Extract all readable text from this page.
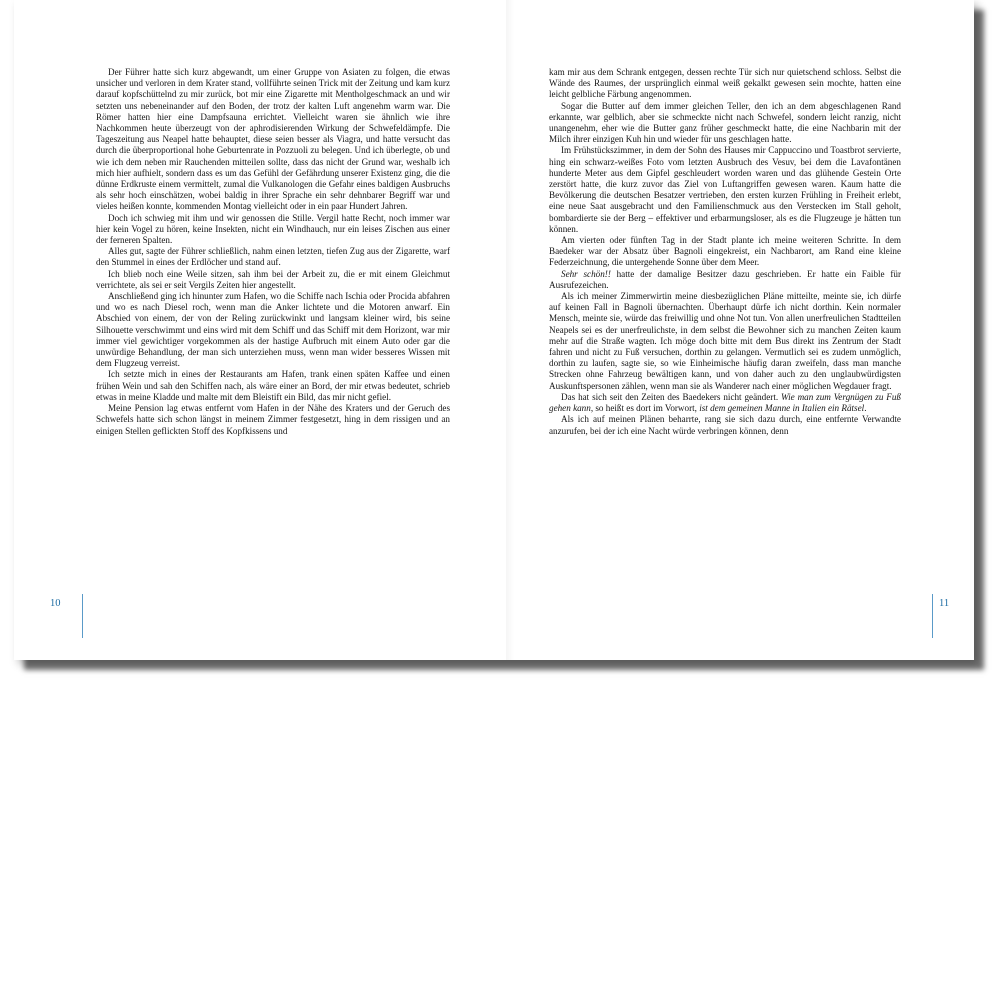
Der Führer hatte sich kurz abgewandt, um einer Gruppe von Asiaten zu folgen, die etwas unsicher und verloren in dem Krater stand, vollführte seinen Trick mit der Zeitung und kam kurz darauf kopfschüttelnd zu mir zurück, bot mir eine Zigarette mit Mentholgeschmack an und wir setzten uns nebeneinander auf den Boden, der trotz der kalten Luft angenehm warm war. Die Römer hatten hier eine Dampfsauna errichtet. Vielleicht waren sie ähnlich wie ihre Nachkommen heute überzeugt von der aphrodisierenden Wirkung der Schwefeldämpfe. Die Tageszeitung aus Neapel hatte behauptet, diese seien besser als Viagra, und hatte versucht das durch die überproportional hohe Geburtenrate in Pozzuoli zu belegen. Und ich überlegte, ob und wie ich dem neben mir Rauchenden mitteilen sollte, dass das nicht der Grund war, weshalb ich mich hier aufhielt, sondern dass es um das Gefühl der Gefährdung unserer Existenz ging, die die dünne Erdkruste einem vermittelt, zumal die Vulkanologen die Gefahr eines baldigen Ausbruchs als sehr hoch einschätzen, wobei baldig in ihrer Sprache ein sehr dehnbarer Begriff war und vieles heißen konnte, kommenden Montag vielleicht oder in ein paar Hundert Jahren.

Doch ich schwieg mit ihm und wir genossen die Stille. Vergil hatte Recht, noch immer war hier kein Vogel zu hören, keine Insekten, nicht ein Windhauch, nur ein leises Zischen aus einer der ferneren Spalten.

Alles gut, sagte der Führer schließlich, nahm einen letzten, tiefen Zug aus der Zigarette, warf den Stummel in eines der Erdlöcher und stand auf.

Ich blieb noch eine Weile sitzen, sah ihm bei der Arbeit zu, die er mit einem Gleichmut verrichtete, als sei er seit Vergils Zeiten hier angestellt.

Anschließend ging ich hinunter zum Hafen, wo die Schiffe nach Ischia oder Procida abfahren und wo es nach Diesel roch, wenn man die Anker lichtete und die Motoren anwarf. Ein Abschied von einem, der von der Reling zurückwinkt und langsam kleiner wird, bis seine Silhouette verschwimmt und eins wird mit dem Schiff und das Schiff mit dem Horizont, war mir immer viel gewichtiger vorgekommen als der hastige Aufbruch mit einem Auto oder gar die unwürdige Behandlung, der man sich unterziehen muss, wenn man wider besseres Wissen mit dem Flugzeug verreist.

Ich setzte mich in eines der Restaurants am Hafen, trank einen späten Kaffee und einen frühen Wein und sah den Schiffen nach, als wäre einer an Bord, der mir etwas bedeutet, schrieb etwas in meine Kladde und malte mit dem Bleistift ein Bild, das mir nicht gefiel.

Meine Pension lag etwas entfernt vom Hafen in der Nähe des Kraters und der Geruch des Schwefels hatte sich schon längst in meinem Zimmer festgesetzt, hing in dem rissigen und an einigen Stellen geflickten Stoff des Kopfkissens und

kam mir aus dem Schrank entgegen, dessen rechte Tür sich nur quietschend schloss. Selbst die Wände des Raumes, der ursprünglich einmal weiß gekalkt gewesen sein mochte, hatten eine leicht gelbliche Färbung angenommen.

Sogar die Butter auf dem immer gleichen Teller, den ich an dem abgeschlagenen Rand erkannte, war gelblich, aber sie schmeckte nicht nach Schwefel, sondern leicht ranzig, nicht unangenehm, eher wie die Butter ganz früher geschmeckt hatte, die eine Nachbarin mit der Milch ihrer einzigen Kuh hin und wieder für uns geschlagen hatte.

Im Frühstückszimmer, in dem der Sohn des Hauses mir Cappuccino und Toastbrot servierte, hing ein schwarz-weißes Foto vom letzten Ausbruch des Vesuv, bei dem die Lavafontänen hunderte Meter aus dem Gipfel geschleudert worden waren und das glühende Gestein Orte zerstört hatte, die kurz zuvor das Ziel von Luftangriffen gewesen waren. Kaum hatte die Bevölkerung die deutschen Besatzer vertrieben, den ersten kurzen Frühling in Freiheit erlebt, eine neue Saat ausgebracht und den Familienschmuck aus den Verstecken im Stall geholt, bombardierte sie der Berg – effektiver und erbarmungsloser, als es die Flugzeuge je hätten tun können.

Am vierten oder fünften Tag in der Stadt plante ich meine weiteren Schritte. In dem Baedeker war der Absatz über Bagnoli eingekreist, ein Nachbarort, am Rand eine kleine Federzeichnung, die untergehende Sonne über dem Meer.

Sehr schön!! hatte der damalige Besitzer dazu geschrieben. Er hatte ein Faible für Ausrufezeichen.

Als ich meiner Zimmerwirtin meine diesbezüglichen Pläne mitteilte, meinte sie, ich dürfe auf keinen Fall in Bagnoli übernachten. Überhaupt dürfe ich nicht dorthin. Kein normaler Mensch, meinte sie, würde das freiwillig und ohne Not tun. Von allen unerfreulichen Stadtteilen Neapels sei es der unerfreulichste, in dem selbst die Bewohner sich zu manchen Zeiten kaum mehr auf die Straße wagten. Ich möge doch bitte mit dem Bus direkt ins Zentrum der Stadt fahren und nicht zu Fuß versuchen, dorthin zu gelangen. Vermutlich sei es zudem unmöglich, dorthin zu laufen, sagte sie, so wie Einheimische häufig daran zweifeln, dass man manche Strecken ohne Fahrzeug bewältigen kann, und von daher auch zu den unglaubwürdigsten Auskunftspersonen zählen, wenn man sie als Wanderer nach einer möglichen Wegdauer fragt.

Das hat sich seit den Zeiten des Baedekers nicht geändert. Wie man zum Vergnügen zu Fuß gehen kann, so heißt es dort im Vorwort, ist dem gemeinen Manne in Italien ein Rätsel.

Als ich auf meinen Plänen beharrte, rang sie sich dazu durch, eine entfernte Verwandte anzurufen, bei der ich eine Nacht würde verbringen können, denn

10	11
